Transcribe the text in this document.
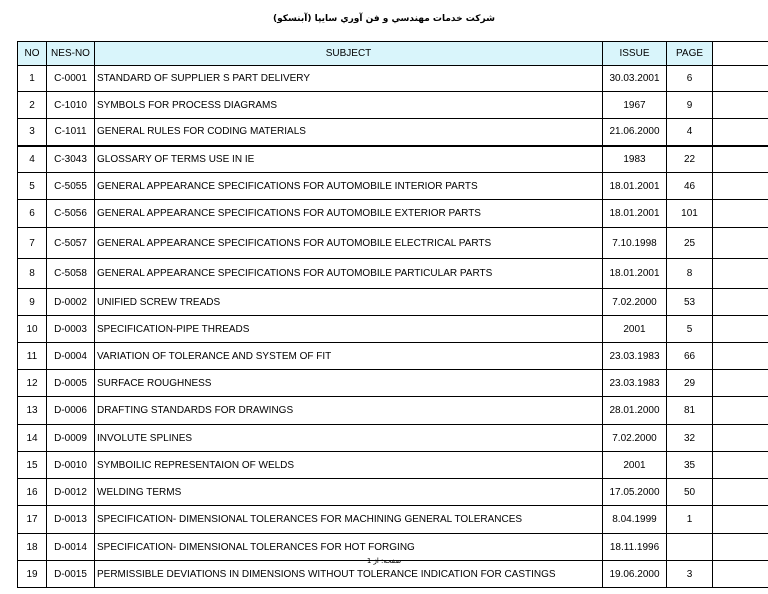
شرکت خدمات مهندسي و فن آوري سايپا (آبنسکو)
NO	NES-NO	SUBJECT	ISSUE	PAGE	
1	C-0001	STANDARD OF SUPPLIER S PART DELIVERY	30.03.2001	6	
2	C-1010	SYMBOLS FOR PROCESS DIAGRAMS	1967	9	
3	C-1011	GENERAL RULES FOR CODING MATERIALS	21.06.2000	4	
4	C-3043	GLOSSARY OF TERMS USE IN IE	1983	22	
5	C-5055	GENERAL APPEARANCE SPECIFICATIONS FOR AUTOMOBILE INTERIOR PARTS	18.01.2001	46	
6	C-5056	GENERAL APPEARANCE SPECIFICATIONS FOR AUTOMOBILE EXTERIOR PARTS	18.01.2001	101	
7	C-5057	GENERAL APPEARANCE SPECIFICATIONS FOR AUTOMOBILE ELECTRICAL PARTS	7.10.1998	25	
8	C-5058	GENERAL APPEARANCE SPECIFICATIONS FOR AUTOMOBILE PARTICULAR PARTS	18.01.2001	8	
9	D-0002	UNIFIED SCREW TREADS	7.02.2000	53	
10	D-0003	SPECIFICATION-PIPE THREADS	2001	5	
11	D-0004	VARIATION OF TOLERANCE AND SYSTEM OF FIT	23.03.1983	66	
12	D-0005	SURFACE ROUGHNESS	23.03.1983	29	
13	D-0006	DRAFTING STANDARDS FOR DRAWINGS	28.01.2000	81	
14	D-0009	INVOLUTE SPLINES	7.02.2000	32	
15	D-0010	SYMBOILIC REPRESENTAION OF WELDS	2001	35	
16	D-0012	WELDING TERMS	17.05.2000	50	
17	D-0013	SPECIFICATION- DIMENSIONAL TOLERANCES FOR MACHINING GENERAL TOLERANCES	8.04.1999	1	
18	D-0014	SPECIFICATION- DIMENSIONAL TOLERANCES FOR HOT FORGING	18.11.1996		
19	D-0015	PERMISSIBLE DEVIATIONS IN DIMENSIONS WITHOUT TOLERANCE INDICATION FOR CASTINGS	19.06.2000	3	
صفحه: از 1
